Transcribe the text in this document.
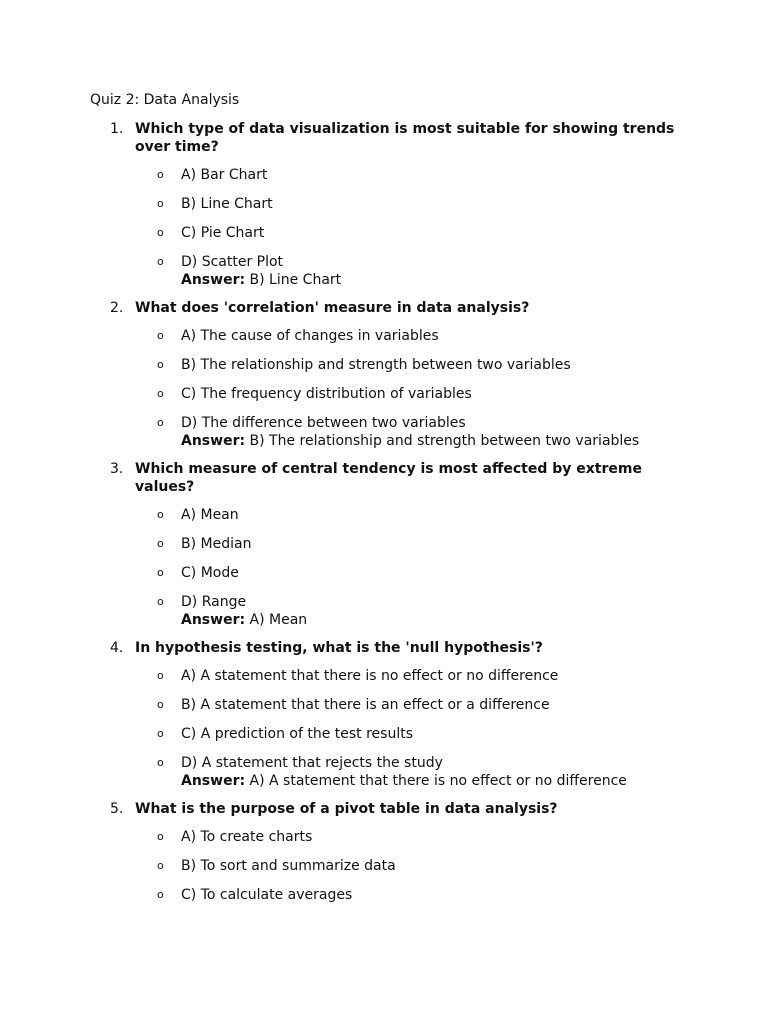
Quiz 2: Data Analysis
1. Which type of data visualization is most suitable for showing trends over time?
o A) Bar Chart
o B) Line Chart
o C) Pie Chart
o D) Scatter Plot
Answer: B) Line Chart
2. What does 'correlation' measure in data analysis?
o A) The cause of changes in variables
o B) The relationship and strength between two variables
o C) The frequency distribution of variables
o D) The difference between two variables
Answer: B) The relationship and strength between two variables
3. Which measure of central tendency is most affected by extreme values?
o A) Mean
o B) Median
o C) Mode
o D) Range
Answer: A) Mean
4. In hypothesis testing, what is the 'null hypothesis'?
o A) A statement that there is no effect or no difference
o B) A statement that there is an effect or a difference
o C) A prediction of the test results
o D) A statement that rejects the study
Answer: A) A statement that there is no effect or no difference
5. What is the purpose of a pivot table in data analysis?
o A) To create charts
o B) To sort and summarize data
o C) To calculate averages
